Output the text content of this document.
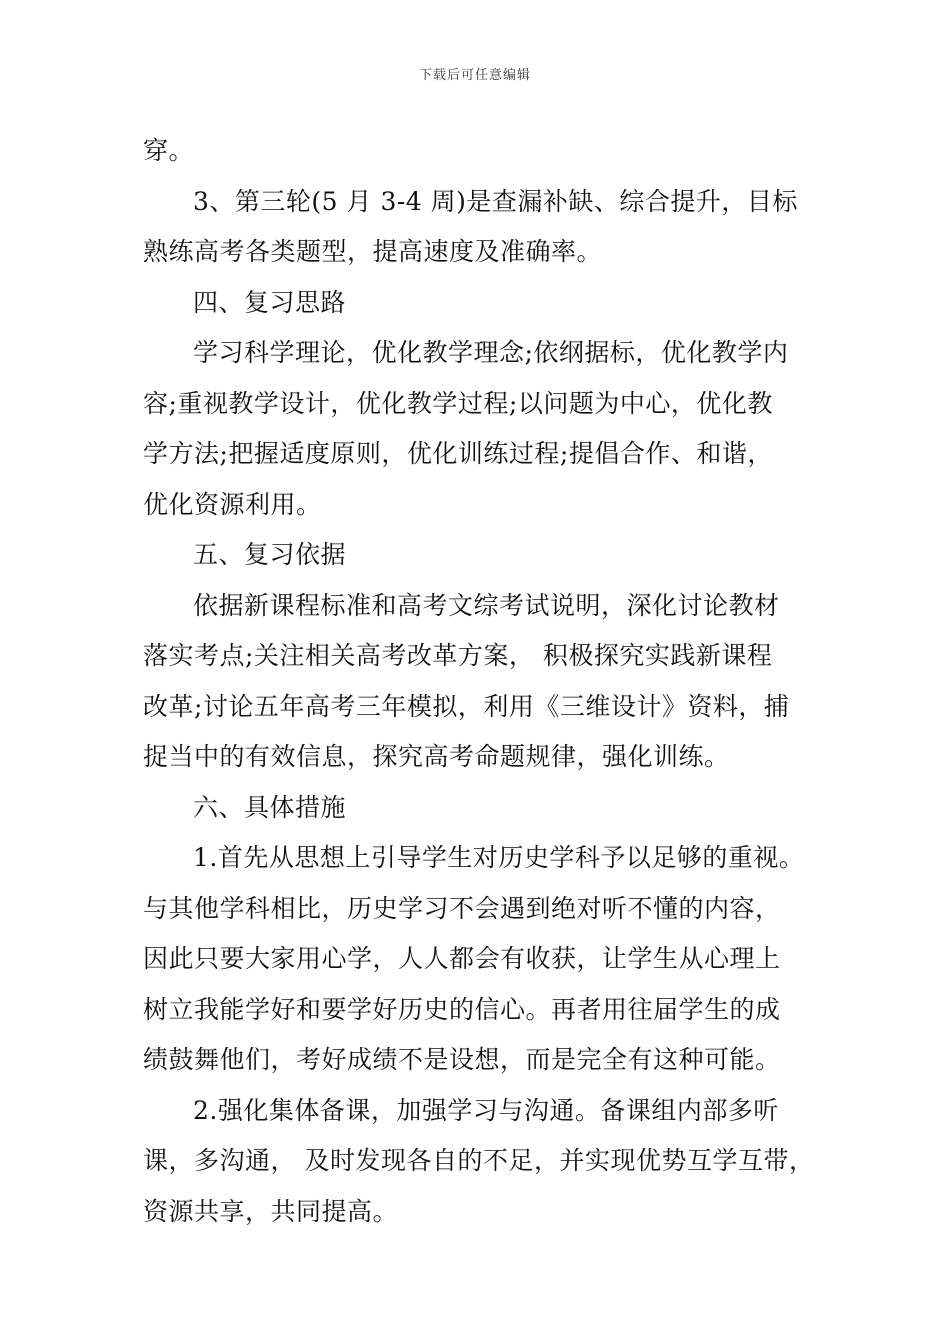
下载后可任意编辑
穿。
3、第三轮(5 月 3-4 周)是查漏补缺、综合提升，目标
熟练高考各类题型，提高速度及准确率。
四、复习思路
学习科学理论，优化教学理念;依纲据标，优化教学内
容;重视教学设计，优化教学过程;以问题为中心，优化教
学方法;把握适度原则，优化训练过程;提倡合作、和谐，
优化资源利用。
五、复习依据
依据新课程标准和高考文综考试说明，深化讨论教材
落实考点;关注相关高考改革方案， 积极探究实践新课程
改革;讨论五年高考三年模拟，利用《三维设计》资料，捕
捉当中的有效信息，探究高考命题规律，强化训练。
六、具体措施
1.首先从思想上引导学生对历史学科予以足够的重视。
与其他学科相比，历史学习不会遇到绝对听不懂的内容，
因此只要大家用心学，人人都会有收获，让学生从心理上
树立我能学好和要学好历史的信心。再者用往届学生的成
绩鼓舞他们，考好成绩不是设想，而是完全有这种可能。
2.强化集体备课，加强学习与沟通。备课组内部多听
课，多沟通， 及时发现各自的不足，并实现优势互学互带，
资源共享，共同提高。
